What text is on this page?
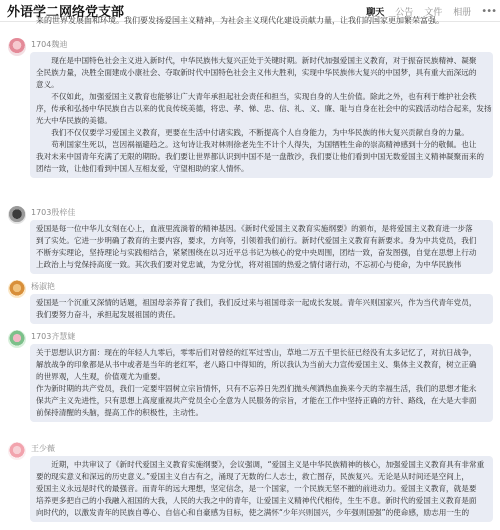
外语学二网络党支部	聊天 公告 文件 相册 •••
来的世界发展面和环境。我们要发扬爱国主义精神，为社会主义现代化建设贡献力量，让我们的国家更加繁荣富强。
1704魏迪
现在是中国特色社会主义进入新时代，中华民族伟大复兴正处于关键时期。新时代加强爱国主义教育，对于振奋民族精神、凝聚
全民族力量，决胜全面建成小康社会、夺取新时代中国特色社会主义伟大胜利，实现中华民族伟大复兴的中国梦，具有重大而深远的
意义。
不仅如此，加强爱国主义教育也能够让广大青年承担起社会责任和担当，实现自身的人生价值。除此之外，也有利于维护社会秩
序，传承和弘扬中华民族自古以来的优良传统美德，将忠、孝、悌、忠、信、礼、义、廉、耻与自身在社会中的实践活动结合起来，发扬
光大中华民族的美德。
我们不仅仅要学习爱国主义教育，更要在生活中付诸实践，不断提高个人自身能力，为中华民族的伟大复兴贡献自身的力量。
苟利国家生死以，岂因祸福避趋之。这句诗让我对林则徐老先生不计个人得失，为国牺牲生命的崇高精神感到十分的敬佩。也让
我对未来中国青年充满了无限的期盼。我们要让世界都认识到中国不是一盘散沙，我们要让他们看到中国无数爱国主义精神凝聚而来的
团结一致，让他们看到中国人互相友爱，守望相助的家人情怀。
1703殷梓佳
爱国是每一位中华儿女刻在心上，血液里流淌着的精神基因。《新时代爱国主义教育实施纲要》的颁布，是将爱国主义教育进一步落
到了实处。它进一步明确了教育的主要内容，要求，方向等，引领着我们前行。新时代爱国主义教育有新要求。身为中共党员，我们
不断夯实理论，坚持理论与实践相结合，紧紧围绕在以习近平总书记为核心的党中央周围，团结一致，奋发图强，自觉在思想上行动
上政治上与党保持高度一致。其次我们要对党忠诚，为党分忧，将对祖国的热爱之情付诸行动，不忘初心与使命，为中华民族伟
杨淑艳
爱国是一个沉重又深情的话题，祖国母亲养育了我们，我们反过来与祖国母亲一起成长发展。青年兴则国家兴，作为当代青年党员，
我们要努力奋斗，承担起发展祖国的责任。
1703齐慧婕
关于思想认识方面：现在的年轻人九零后，零零后们对曾经的红军过雪山，草地二万五千里长征已经没有太多记忆了，对抗日战争，
解放战争的印象都是从书中或者是当年的老红军，老八路口中得知的，所以我认为当前大力宣传爱国主义、集体主义教育，树立正确
的世界观，人生观，价值观尤为重要。
作为新时期的共产党员，我们一定要牢固树立宗旨情怀，只有不忘养日先烈们抛头颅洒热血换来今天的幸福生活，我们的思想才能永
保共产主义先进性，只有思想上高度重视共产党员全心全意为人民服务的宗旨，才能在工作中坚持正确的方针、路线，在大是大非面
前保持清醒的头脑，提高工作的积极性，主动性。
王少薇
近期，中共审议了《新时代爱国主义教育实施纲要》，会议强调，“爱国主义是中华民族精神的核心，加强爱国主义教育具有非常重
要的现实意义和深远的历史意义。”爱国主义自古有之，涌现了无数的仁人志士，救亡图存，民族复兴。无论是从时间还是空间上，
爱国主义永远是时代的最强音。而青年的远大理想，坚定信念，是一个国家，一个民族无坚不摧的前进动力。爱国主义教育，就是要
培养更多把自己的小我融入祖国的大我，人民的大我之中的青年，让爱国主义精神代代相传，生生不息。新时代的爱国主义教育是面
向时代的，以激发青年的民族自尊心、自信心和自豪感为目标，使之满怀“少年兴则国兴，少年强则国强”的使命感，励志用一生的
